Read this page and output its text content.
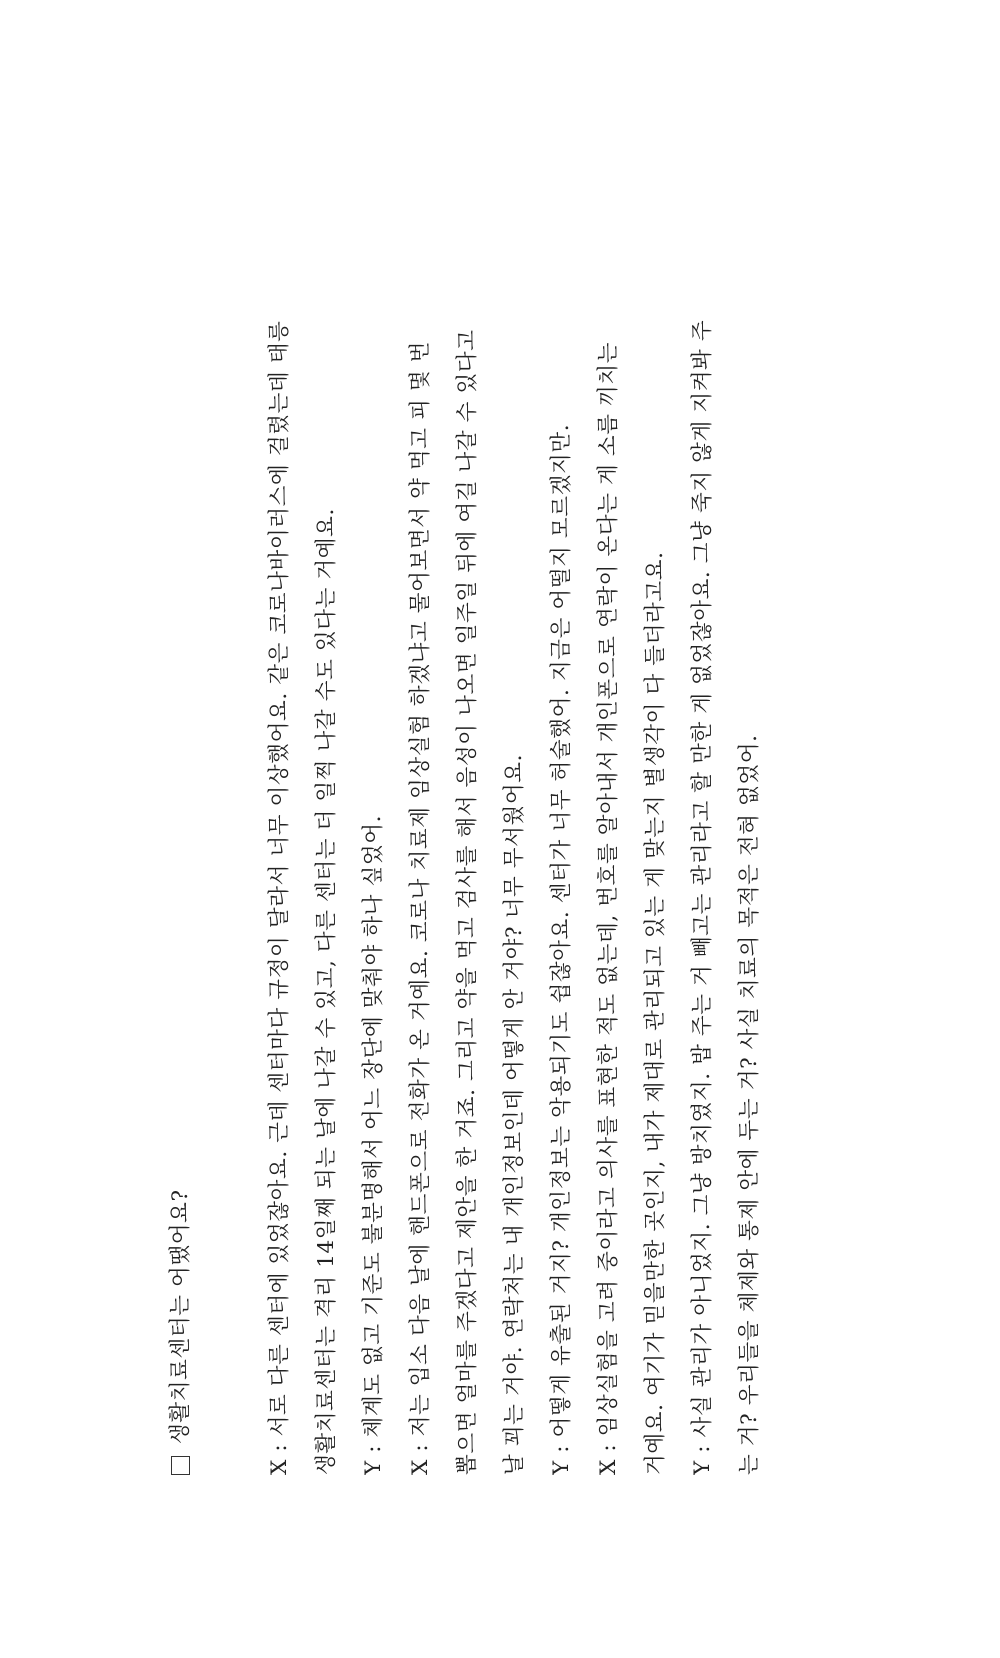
생활치료센터는 어땠어요?	X : 서로 다른 센터에 있었잖아요. 근데 센터마다 규정이 달라서 너무 이상했어요. 같은 코로나바이러스에 걸렸는데 태릉	생활치료센터는 격리 14일째 되는 날에 나갈 수 있고, 다른 센터는 더 일찍 나갈 수도 있다는 거예요.	Y : 체계도 없고 기준도 불분명해서 어느 장단에 맞춰야 하나 싶었어.	X : 저는 입소 다음 날에 핸드폰으로 전화가 온 거예요. 코로나 치료제 임상실험 하겠냐고 물어보면서 약 먹고 피 몇 번	뽑으면 얼마를 주겠다고 제안을 한 거죠. 그리고 약을 먹고 검사를 해서 음성이 나오면 일주일 뒤에 여길 나갈 수 있다고	날 꾀는 거야. 연락처는 내 개인정보인데 어떻게 안 거야? 너무 무서웠어요.	Y : 어떻게 유출된 거지? 개인정보는 악용되기도 쉽잖아요. 센터가 너무 허술했어. 지금은 어떨지 모르겠지만.	X : 임상실험을 고려 중이라고 의사를 표현한 적도 없는데, 번호를 알아내서 개인폰으로 연락이 온다는 게 소름 끼치는	거예요. 여기가 믿을만한 곳인지, 내가 제대로 관리되고 있는 게 맞는지 별생각이 다 들더라고요.	Y : 사실 관리가 아니었지. 그냥 방치였지. 밥 주는 거 빼고는 관리라고 할 만한 게 없었잖아요. 그냥 죽지 않게 지켜봐 주	는 거? 우리들을 체제와 통제 안에 두는 거? 사실 치료의 목적은 전혀 없었어.
